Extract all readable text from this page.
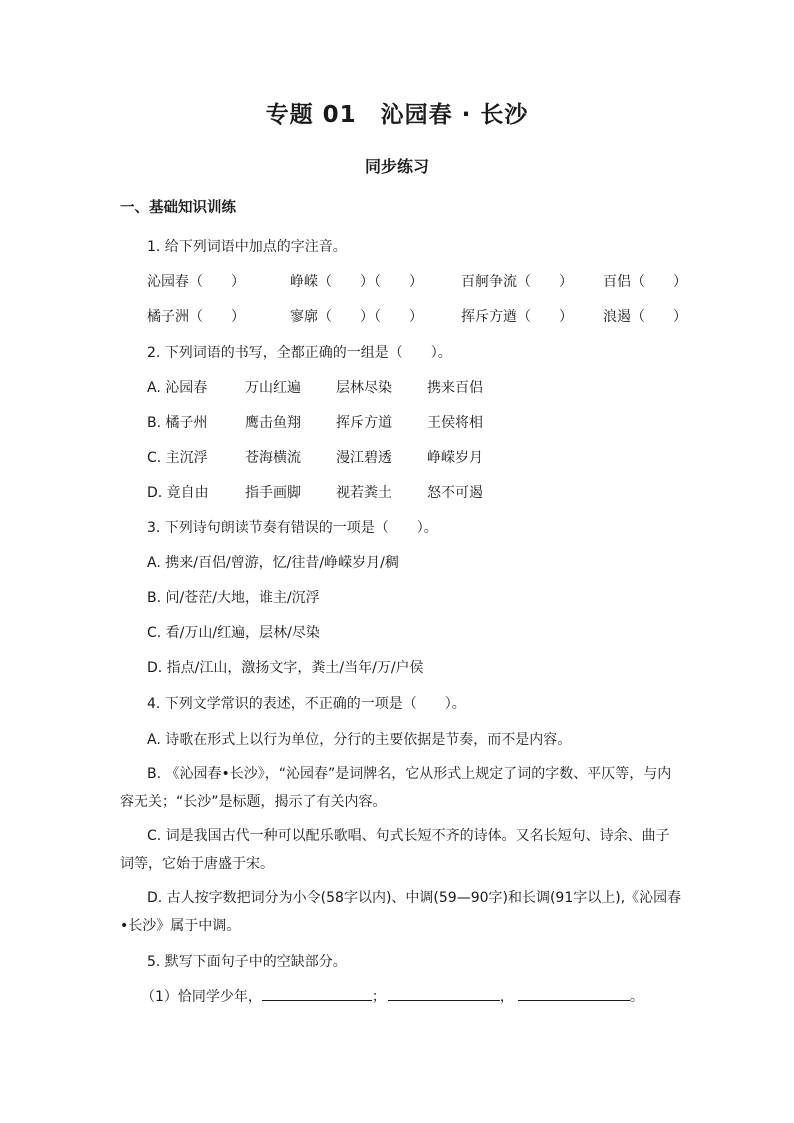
专题 01　沁园春 · 长沙
同步练习
一、基础知识训练

1. 给下列词语中加点的字注音。

沁园春（　　）	峥嵘（　　）（　　）	百舸争流（　　） 百侣（　　）
橘子洲（　　）	寥廓（　　）（　　）	挥斥方遒（　　） 浪遏（　　）

2. 下列词语的书写，全都正确的一组是（　　）。

A. 沁园春	万山红遍	层林尽染	携来百侣
B. 橘子州	鹰击鱼翔	挥斥方道	王侯将相
C. 主沉浮	苍海横流	漫江碧透	峥嵘岁月
D. 竟自由	指手画脚	视若粪土	怒不可遏

3. 下列诗句朗读节奏有错误的一项是（　　）。

A. 携来/百侣/曾游，忆/往昔/峥嵘岁月/稠

B. 问/苍茫/大地，谁主/沉浮

C. 看/万山/红遍，层林/尽染

D. 指点/江山，激扬文字，粪土/当年/万/户侯

4. 下列文学常识的表述，不正确的一项是（　　）。

A. 诗歌在形式上以行为单位，分行的主要依据是节奏，而不是内容。

B. 《沁园春•长沙》，“沁园春”是词牌名，它从形式上规定了词的字数、平仄等，与内

容无关；“长沙”是标题，揭示了有关内容。

C. 词是我国古代一种可以配乐歌唱、句式长短不齐的诗体。又名长短句、诗余、曲子

词等，它始于唐盛于宋。

D. 古人按字数把词分为小令(58字以内)、中调(59—90字)和长调(91字以上),《沁园春

•长沙》属于中调。

5. 默写下面句子中的空缺部分。

（1）恰同学少年，	；	，	。
